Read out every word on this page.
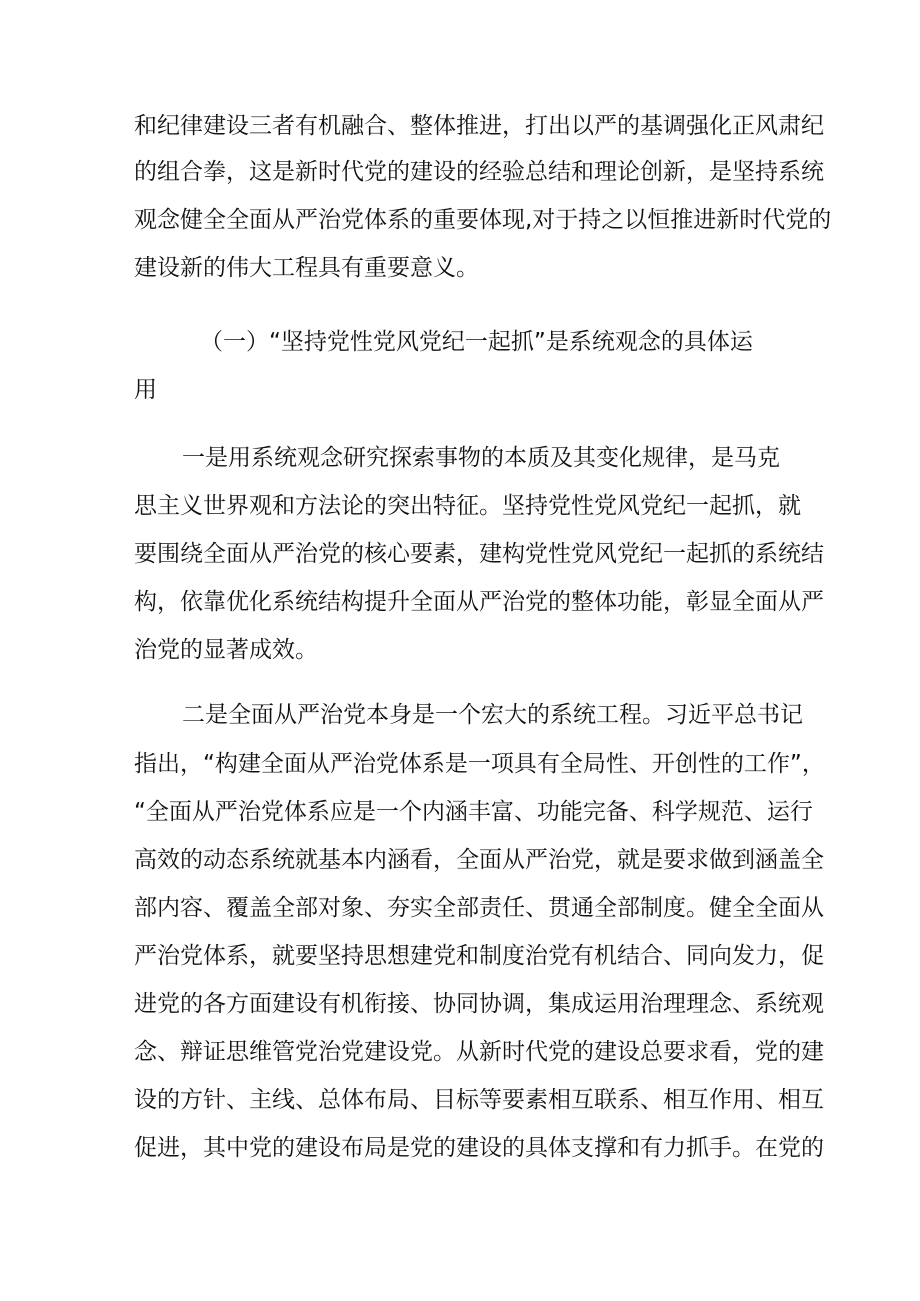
和纪律建设三者有机融合、整体推进，打出以严的基调强化正风肃纪
的组合拳，这是新时代党的建设的经验总结和理论创新，是坚持系统
观念健全全面从严治党体系的重要体现,对于持之以恒推进新时代党的
建设新的伟大工程具有重要意义。
（一）“坚持党性党风党纪一起抓”是系统观念的具体运
用
一是用系统观念研究探索事物的本质及其变化规律，是马克
思主义世界观和方法论的突出特征。坚持党性党风党纪一起抓，就
要围绕全面从严治党的核心要素，建构党性党风党纪一起抓的系统结
构，依靠优化系统结构提升全面从严治党的整体功能，彰显全面从严
治党的显著成效。
二是全面从严治党本身是一个宏大的系统工程。习近平总书记
指出，“构建全面从严治党体系是一项具有全局性、开创性的工作”，
“全面从严治党体系应是一个内涵丰富、功能完备、科学规范、运行
高效的动态系统就基本内涵看，全面从严治党，就是要求做到涵盖全
部内容、覆盖全部对象、夯实全部责任、贯通全部制度。健全全面从
严治党体系，就要坚持思想建党和制度治党有机结合、同向发力，促
进党的各方面建设有机衔接、协同协调，集成运用治理理念、系统观
念、辩证思维管党治党建设党。从新时代党的建设总要求看，党的建
设的方针、主线、总体布局、目标等要素相互联系、相互作用、相互
促进，其中党的建设布局是党的建设的具体支撑和有力抓手。在党的
